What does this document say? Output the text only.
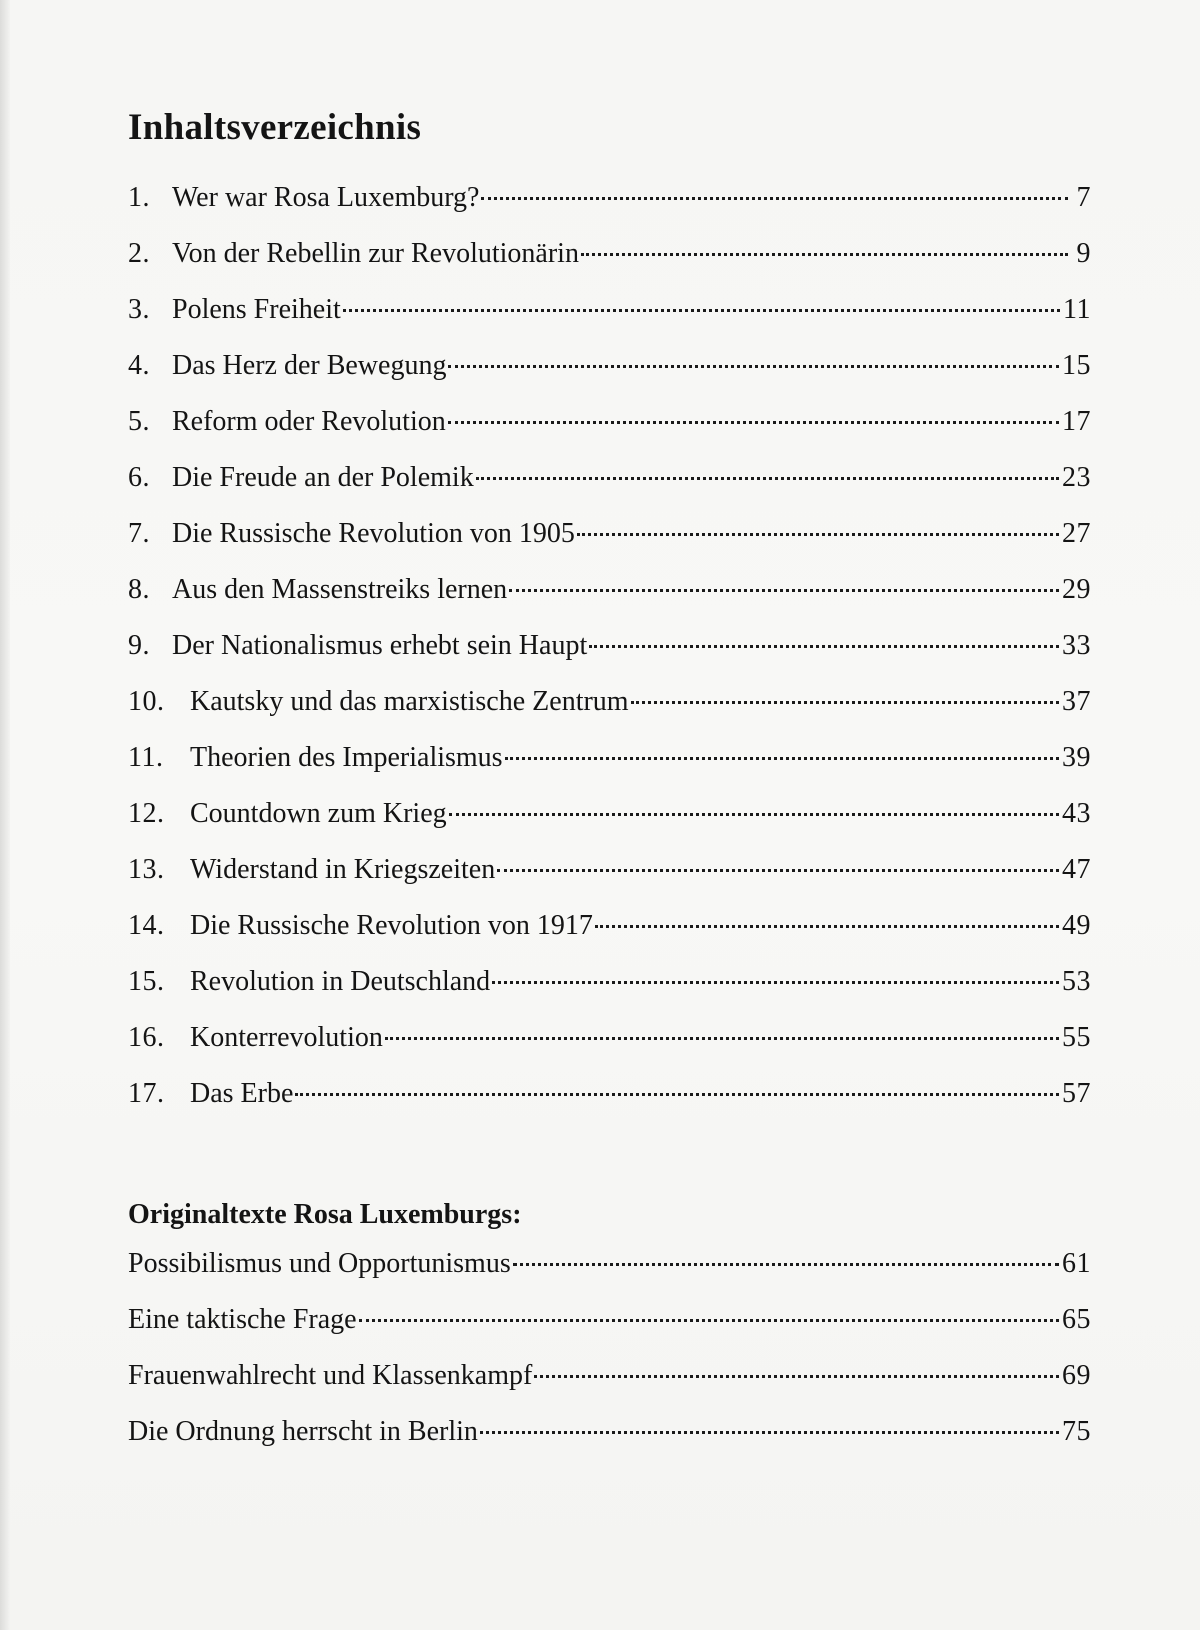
Inhaltsverzeichnis
1. Wer war Rosa Luxemburg?	7
2. Von der Rebellin zur Revolutionärin	9
3. Polens Freiheit	11
4. Das Herz der Bewegung	15
5. Reform oder Revolution	17
6. Die Freude an der Polemik	23
7. Die Russische Revolution von 1905	27
8. Aus den Massenstreiks lernen	29
9. Der Nationalismus erhebt sein Haupt	33
10. Kautsky und das marxistische Zentrum	37
11. Theorien des Imperialismus	39
12. Countdown zum Krieg	43
13. Widerstand in Kriegszeiten	47
14. Die Russische Revolution von 1917	49
15. Revolution in Deutschland	53
16. Konterrevolution	55
17. Das Erbe	57
Originaltexte Rosa Luxemburgs:
Possibilismus und Opportunismus	61
Eine taktische Frage	65
Frauenwahlrecht und Klassenkampf	69
Die Ordnung herrscht in Berlin	75
